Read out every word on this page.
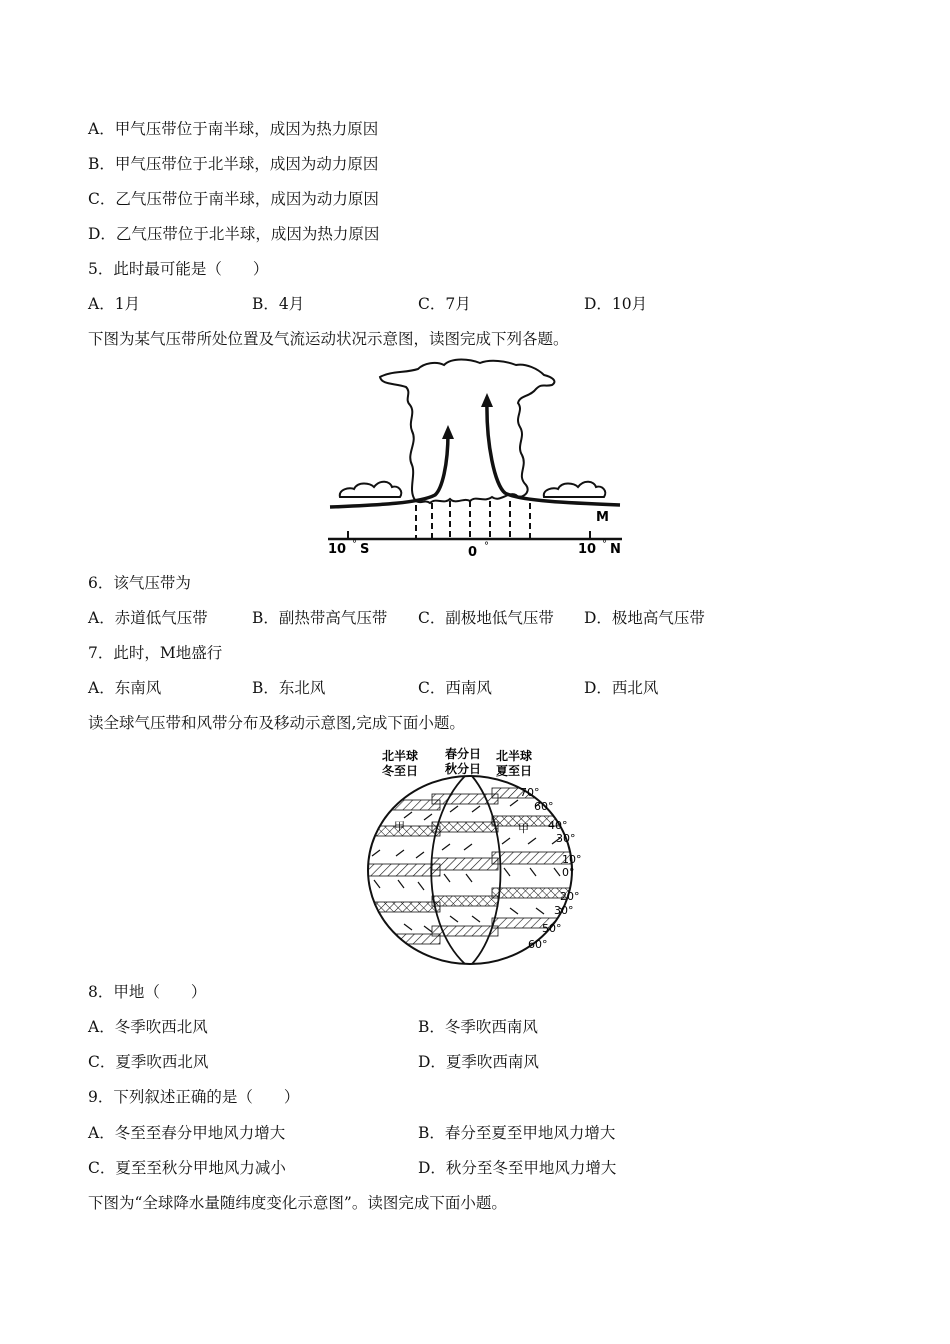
A．甲气压带位于南半球，成因为热力原因
B．甲气压带位于北半球，成因为动力原因
C．乙气压带位于南半球，成因为动力原因
D．乙气压带位于北半球，成因为热力原因
5．此时最可能是（　　）
A．1月	B．4月	C．7月	D．10月
下图为某气压带所处位置及气流运动状况示意图，读图完成下列各题。
M
10 ° S	0 °	10 ° N
6．该气压带为
A．赤道低气压带	B．副热带高气压带 C．副极地低气压带 D．极地高气压带
7．此时，M地盛行
A．东南风	B．东北风	C．西南风	D．西北风
读全球气压带和风带分布及移动示意图,完成下面小题。
北半球
冬至日
春分日
秋分日
北半球
夏至日
甲	甲
70°
60°
40°
30°
10°
0°
20°
30°
50°
60°
8．甲地（　　）
A．冬季吹西北风	B．冬季吹西南风
C．夏季吹西北风	D．夏季吹西南风
9．下列叙述正确的是（　　）
A．冬至至春分甲地风力增大	B．春分至夏至甲地风力增大
C．夏至至秋分甲地风力减小	D．秋分至冬至甲地风力增大
下图为“全球降水量随纬度变化示意图”。读图完成下面小题。
